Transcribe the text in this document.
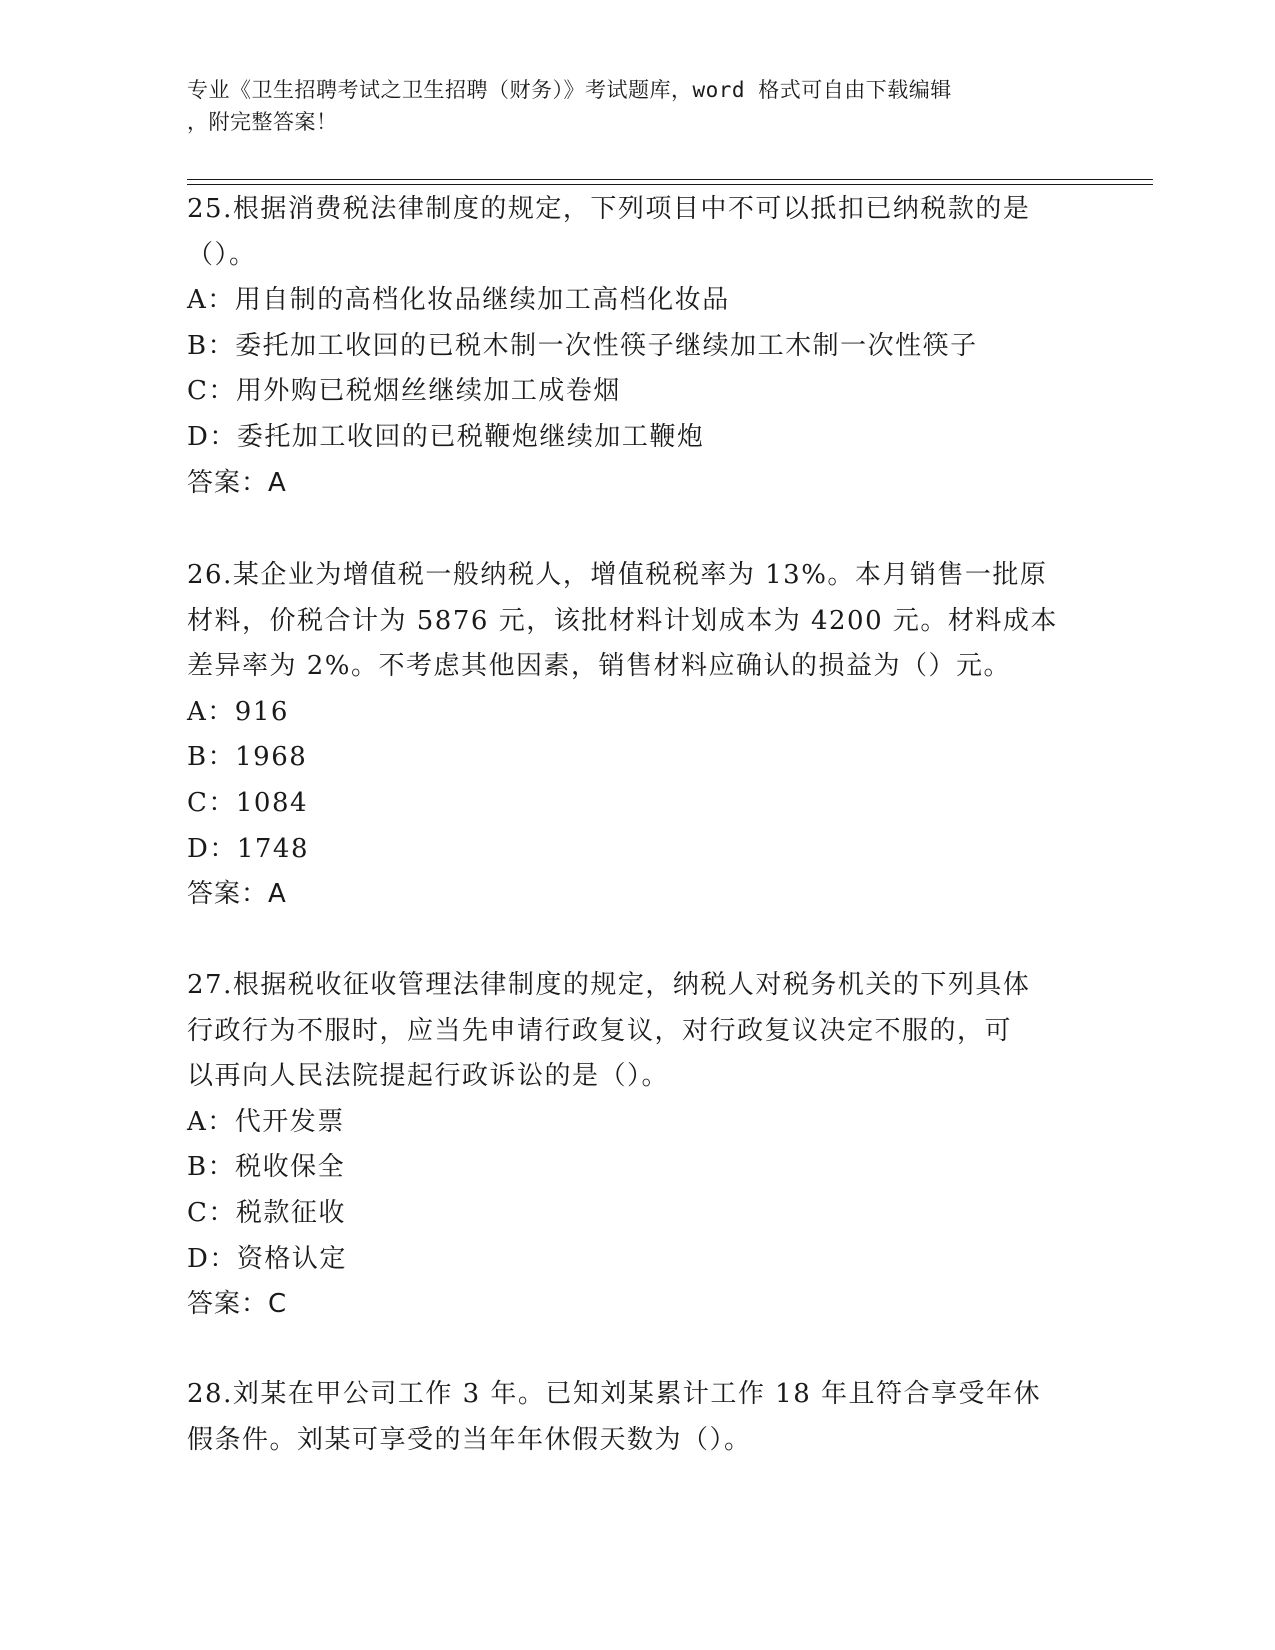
专业《卫生招聘考试之卫生招聘（财务）》考试题库，word 格式可自由下载编辑
，附完整答案！
25.根据消费税法律制度的规定，下列项目中不可以抵扣已纳税款的是
（）。
A：用自制的高档化妆品继续加工高档化妆品
B：委托加工收回的已税木制一次性筷子继续加工木制一次性筷子
C：用外购已税烟丝继续加工成卷烟
D：委托加工收回的已税鞭炮继续加工鞭炮
答案：A
26.某企业为增值税一般纳税人，增值税税率为 13%。本月销售一批原
材料，价税合计为 5876 元，该批材料计划成本为 4200 元。材料成本
差异率为 2%。不考虑其他因素，销售材料应确认的损益为（）元。
A：916
B：1968
C：1084
D：1748
答案：A
27.根据税收征收管理法律制度的规定，纳税人对税务机关的下列具体
行政行为不服时，应当先申请行政复议，对行政复议决定不服的，可
以再向人民法院提起行政诉讼的是（）。
A：代开发票
B：税收保全
C：税款征收
D：资格认定
答案：C
28.刘某在甲公司工作 3 年。已知刘某累计工作 18 年且符合享受年休
假条件。刘某可享受的当年年休假天数为（）。
